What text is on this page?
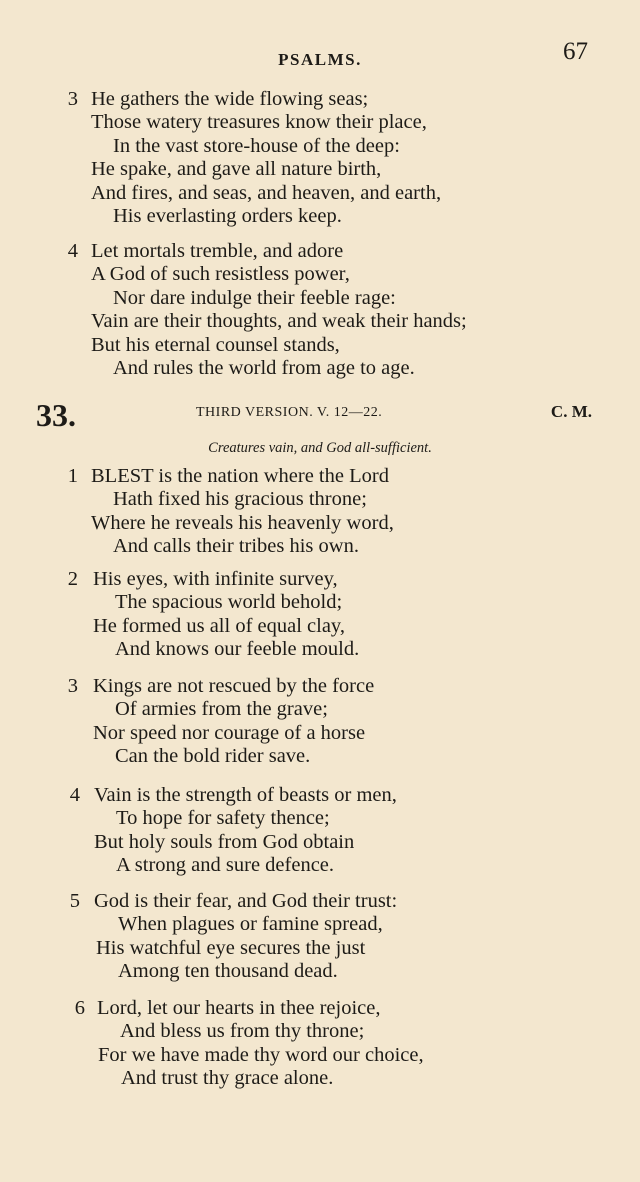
PSALMS.	67
3 He gathers the wide flowing seas;
Those watery treasures know their place,
In the vast store-house of the deep:
He spake, and gave all nature birth,
And fires, and seas, and heaven, and earth,
His everlasting orders keep.
4 Let mortals tremble, and adore
A God of such resistless power,
Nor dare indulge their feeble rage:
Vain are their thoughts, and weak their hands;
But his eternal counsel stands,
And rules the world from age to age.
33.	THIRD VERSION. V. 12—22.	C. M.
Creatures vain, and God all-sufficient.
1 BLEST is the nation where the Lord
Hath fixed his gracious throne;
Where he reveals his heavenly word,
And calls their tribes his own.
2 His eyes, with infinite survey,
The spacious world behold;
He formed us all of equal clay,
And knows our feeble mould.
3 Kings are not rescued by the force
Of armies from the grave;
Nor speed nor courage of a horse
Can the bold rider save.
4 Vain is the strength of beasts or men,
To hope for safety thence;
But holy souls from God obtain
A strong and sure defence.
5 God is their fear, and God their trust:
When plagues or famine spread,
His watchful eye secures the just
Among ten thousand dead.
6 Lord, let our hearts in thee rejoice,
And bless us from thy throne;
For we have made thy word our choice,
And trust thy grace alone.
